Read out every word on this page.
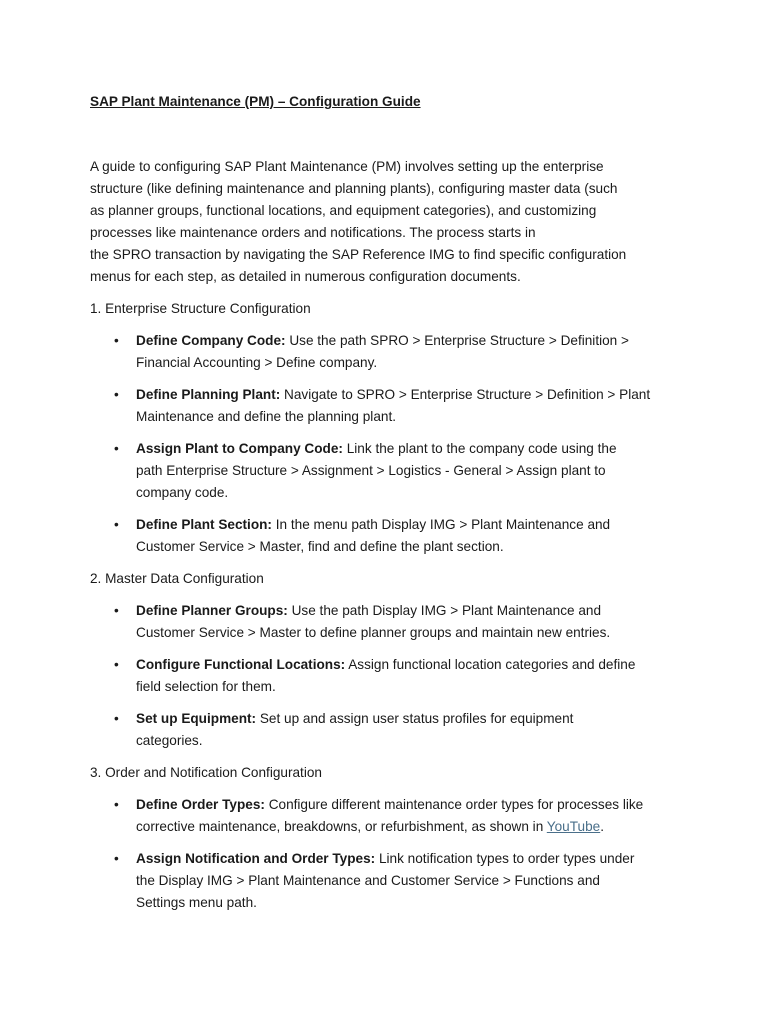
SAP Plant Maintenance (PM) – Configuration Guide

A guide to configuring SAP Plant Maintenance (PM) involves setting up the enterprise
structure (like defining maintenance and planning plants), configuring master data (such
as planner groups, functional locations, and equipment categories), and customizing
processes like maintenance orders and notifications. The process starts in
the SPRO transaction by navigating the SAP Reference IMG to find specific configuration
menus for each step, as detailed in numerous configuration documents.
1. Enterprise Structure Configuration
• Define Company Code: Use the path SPRO > Enterprise Structure > Definition >
Financial Accounting > Define company.
• Define Planning Plant: Navigate to SPRO > Enterprise Structure > Definition > Plant
Maintenance and define the planning plant.
• Assign Plant to Company Code: Link the plant to the company code using the
path Enterprise Structure > Assignment > Logistics - General > Assign plant to
company code.
• Define Plant Section: In the menu path Display IMG > Plant Maintenance and
Customer Service > Master, find and define the plant section.
2. Master Data Configuration
• Define Planner Groups: Use the path Display IMG > Plant Maintenance and
Customer Service > Master to define planner groups and maintain new entries.
• Configure Functional Locations: Assign functional location categories and define
field selection for them.
• Set up Equipment: Set up and assign user status profiles for equipment
categories.
3. Order and Notification Configuration
• Define Order Types: Configure different maintenance order types for processes like
corrective maintenance, breakdowns, or refurbishment, as shown in YouTube.
• Assign Notification and Order Types: Link notification types to order types under
the Display IMG > Plant Maintenance and Customer Service > Functions and
Settings menu path.
